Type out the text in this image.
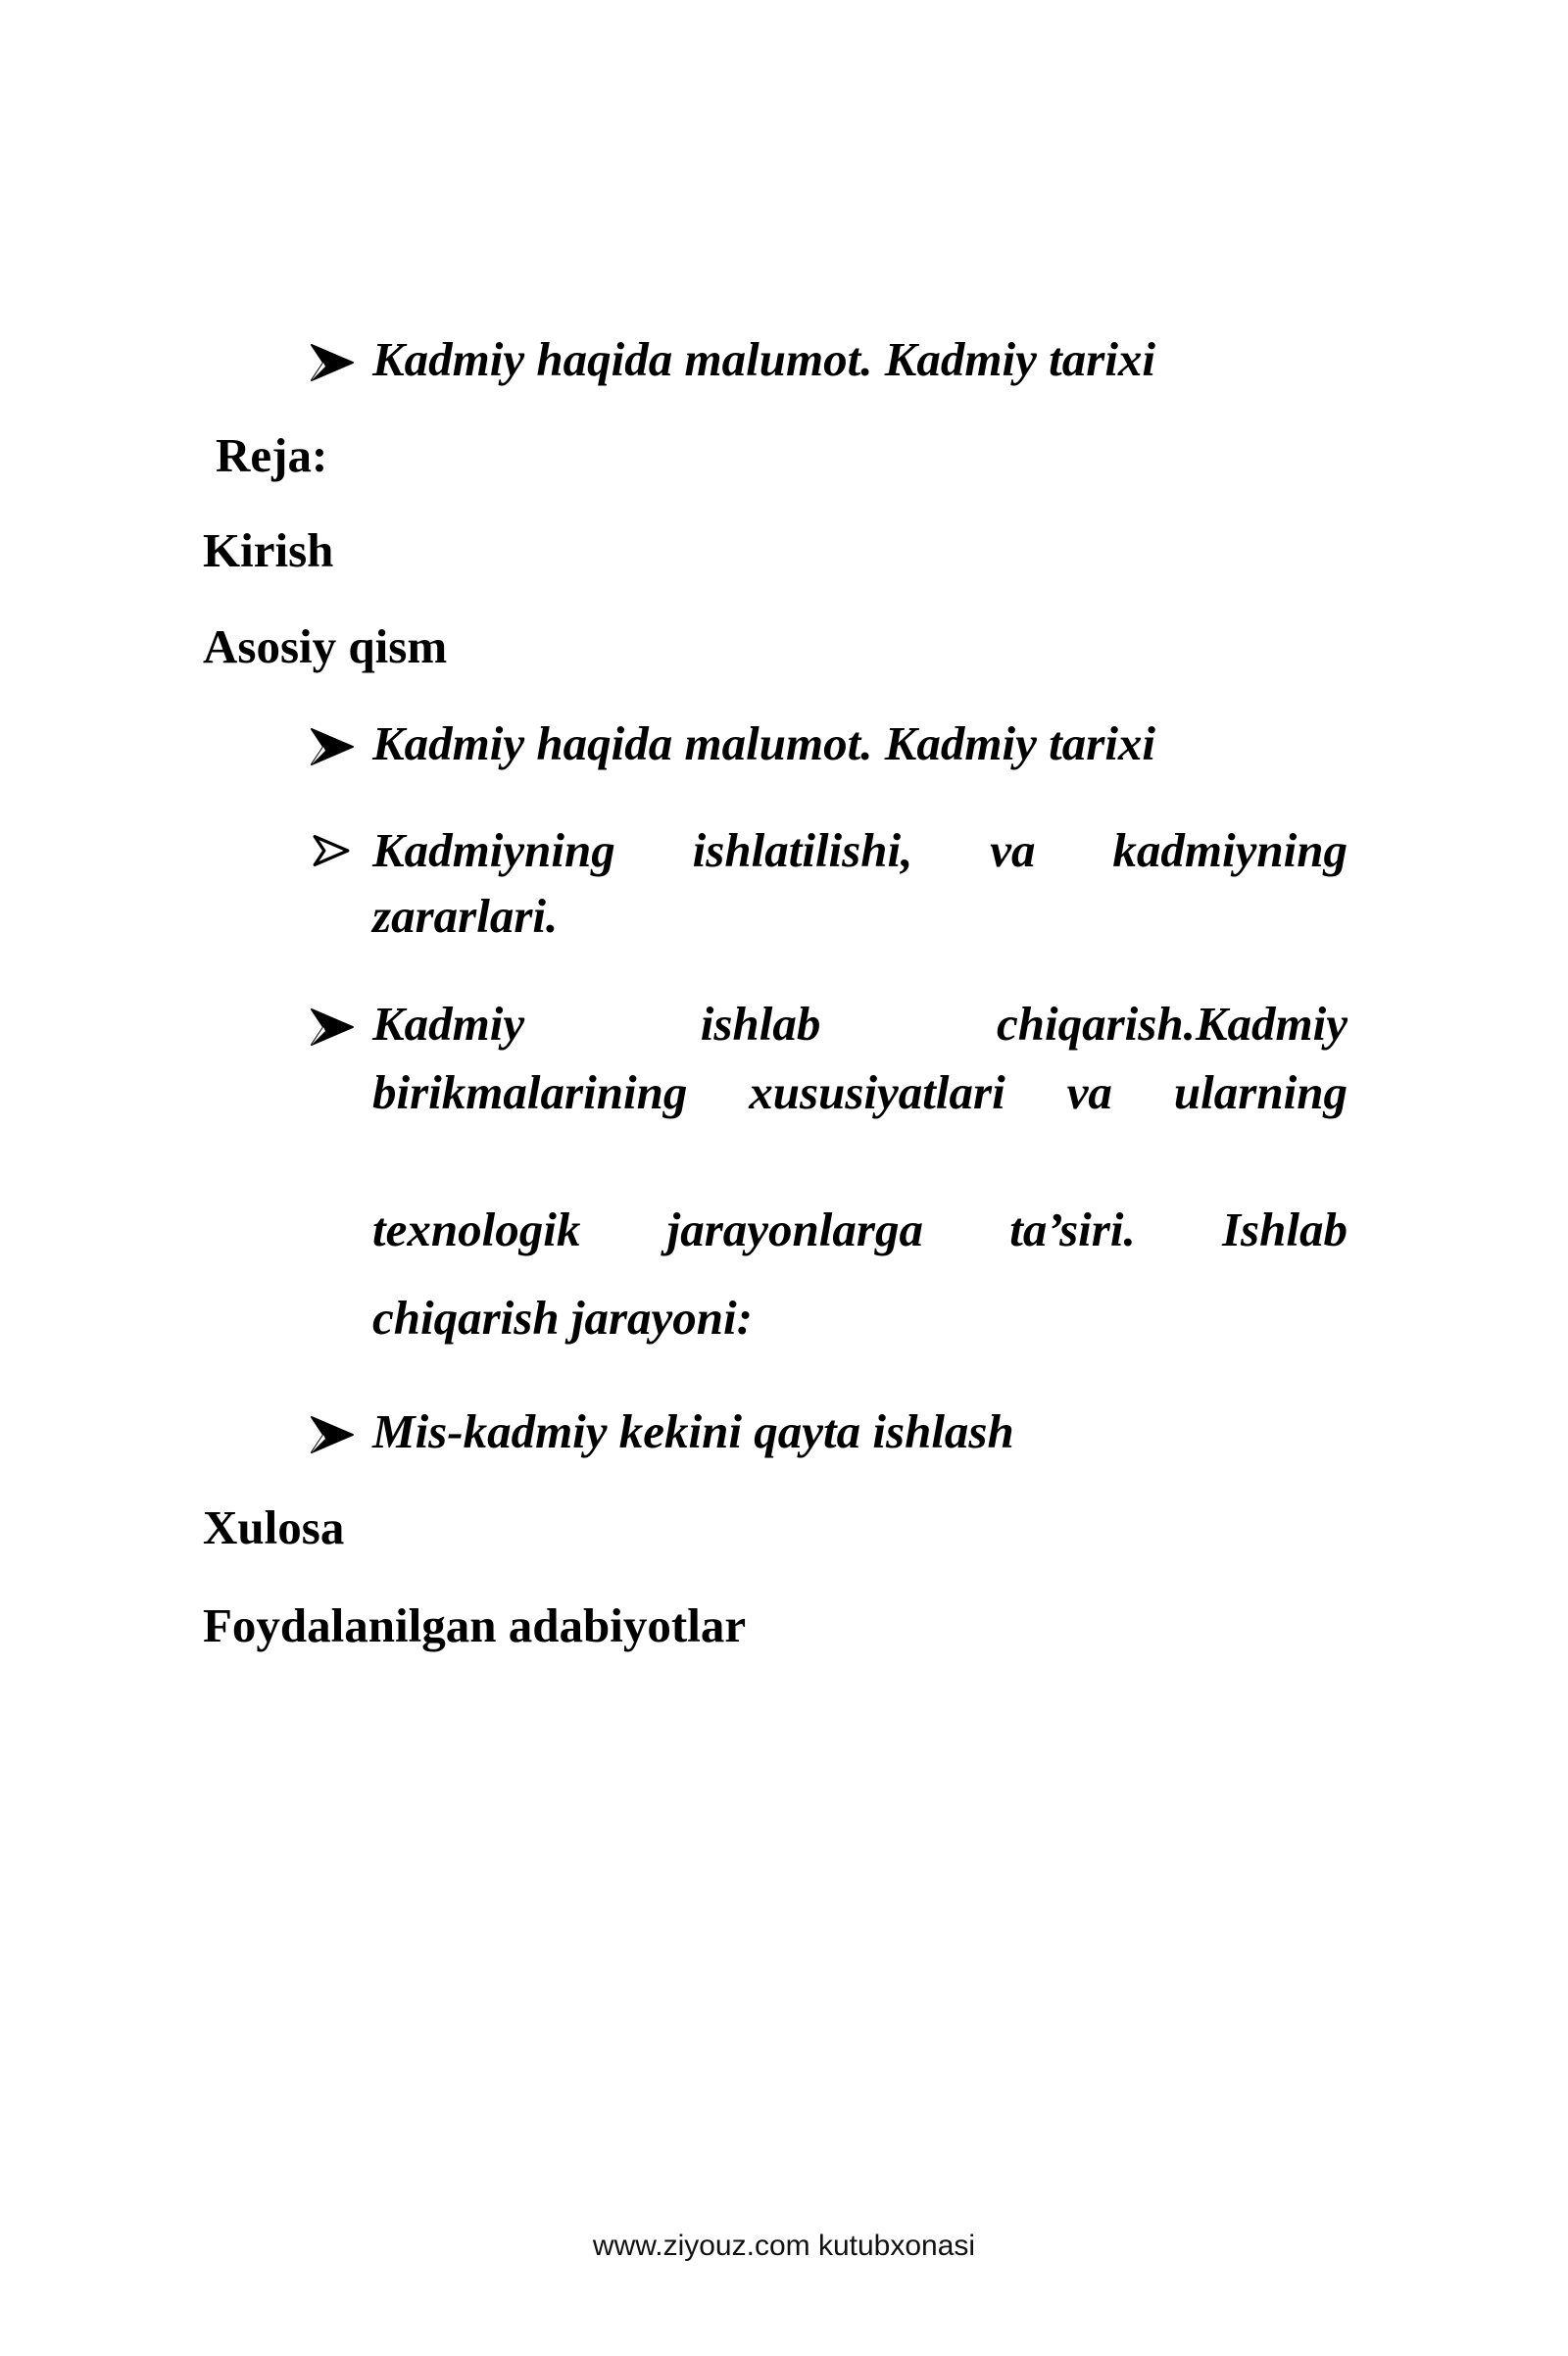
Kadmiy haqida malumot. Kadmiy tarixi
Reja:
Kirish
Asosiy qism
Kadmiy haqida malumot. Kadmiy tarixi
Kadmiyning ishlatilishi, va kadmiyning
zararlari.
Kadmiy	ishlab	chiqarish.Kadmiy
birikmalarining xususiyatlari va ularning
texnologik jarayonlarga ta’siri. Ishlab
chiqarish jarayoni:
Mis-kadmiy kekini qayta ishlash
Xulosa
Foydalanilgan adabiyotlar
www.ziyouz.com kutubxonasi
